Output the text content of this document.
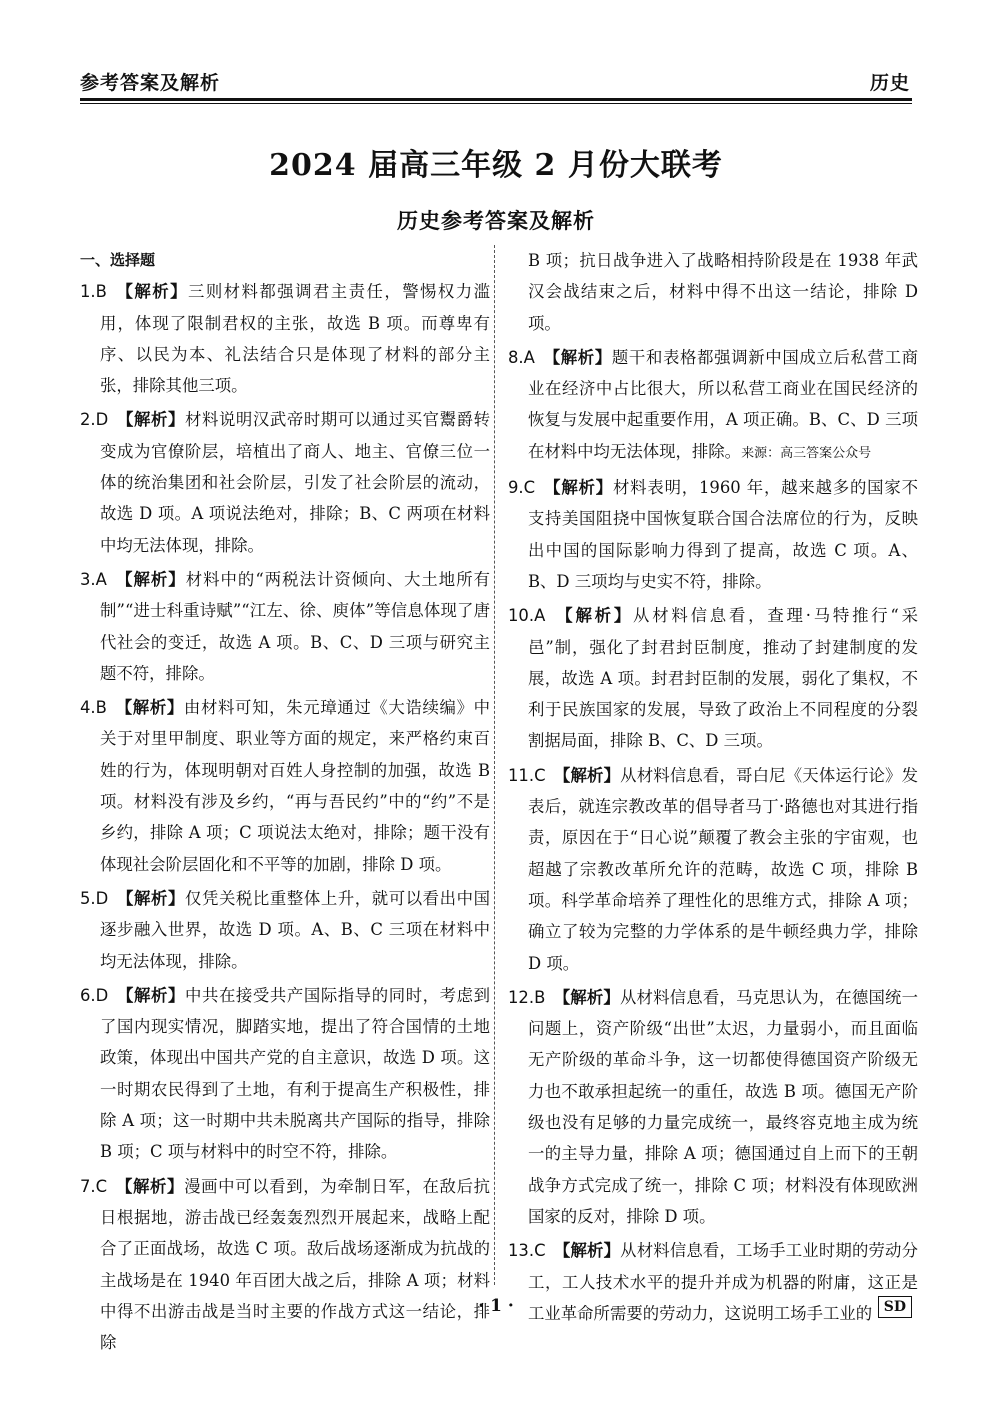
参考答案及解析	历史
2024 届高三年级 2 月份大联考
历史参考答案及解析

一、选择题

1.B  【解析】三则材料都强调君主责任，警惕权力滥用，体现了限制君权的主张，故选 B 项。而尊卑有序、以民为本、礼法结合只是体现了材料的部分主张，排除其他三项。
2.D  【解析】材料说明汉武帝时期可以通过买官鬻爵转变成为官僚阶层，培植出了商人、地主、官僚三位一体的统治集团和社会阶层，引发了社会阶层的流动，故选 D 项。A 项说法绝对，排除；B、C 两项在材料中均无法体现，排除。
3.A  【解析】材料中的“两税法计资倾向、大土地所有制”“进士科重诗赋”“江左、徐、庾体”等信息体现了唐代社会的变迁，故选 A 项。B、C、D 三项与研究主题不符，排除。
4.B  【解析】由材料可知，朱元璋通过《大诰续编》中关于对里甲制度、职业等方面的规定，来严格约束百姓的行为，体现明朝对百姓人身控制的加强，故选 B 项。材料没有涉及乡约，“再与吾民约”中的“约”不是乡约，排除 A 项；C 项说法太绝对，排除；题干没有体现社会阶层固化和不平等的加剧，排除 D 项。
5.D  【解析】仅凭关税比重整体上升，就可以看出中国逐步融入世界，故选 D 项。A、B、C 三项在材料中均无法体现，排除。
6.D  【解析】中共在接受共产国际指导的同时，考虑到了国内现实情况，脚踏实地，提出了符合国情的土地政策，体现出中国共产党的自主意识，故选 D 项。这一时期农民得到了土地，有利于提高生产积极性，排除 A 项；这一时期中共未脱离共产国际的指导，排除 B 项；C 项与材料中的时空不符，排除。
7.C  【解析】漫画中可以看到，为牵制日军，在敌后抗日根据地，游击战已经轰轰烈烈开展起来，战略上配合了正面战场，故选 C 项。敌后战场逐渐成为抗战的主战场是在 1940 年百团大战之后，排除 A 项；材料中得不出游击战是当时主要的作战方式这一结论，排除
B 项；抗日战争进入了战略相持阶段是在 1938 年武汉会战结束之后，材料中得不出这一结论，排除 D 项。
8.A  【解析】题干和表格都强调新中国成立后私营工商业在经济中占比很大，所以私营工商业在国民经济的恢复与发展中起重要作用，A 项正确。B、C、D 三项在材料中均无法体现，排除。来源：高三答案公众号
9.C  【解析】材料表明，1960 年，越来越多的国家不支持美国阻挠中国恢复联合国合法席位的行为，反映出中国的国际影响力得到了提高，故选 C 项。A、B、D 三项均与史实不符，排除。
10.A  【解析】从材料信息看，查理·马特推行“采邑”制，强化了封君封臣制度，推动了封建制度的发展，故选 A 项。封君封臣制的发展，弱化了集权，不利于民族国家的发展，导致了政治上不同程度的分裂割据局面，排除 B、C、D 三项。
11.C  【解析】从材料信息看，哥白尼《天体运行论》发表后，就连宗教改革的倡导者马丁·路德也对其进行指责，原因在于“日心说”颠覆了教会主张的宇宙观，也超越了宗教改革所允许的范畴，故选 C 项，排除 B 项。科学革命培养了理性化的思维方式，排除 A 项；确立了较为完整的力学体系的是牛顿经典力学，排除 D 项。
12.B  【解析】从材料信息看，马克思认为，在德国统一问题上，资产阶级“出世”太迟，力量弱小，而且面临无产阶级的革命斗争，这一切都使得德国资产阶级无力也不敢承担起统一的重任，故选 B 项。德国无产阶级也没有足够的力量完成统一，最终容克地主成为统一的主导力量，排除 A 项；德国通过自上而下的王朝战争方式完成了统一，排除 C 项；材料没有体现欧洲国家的反对，排除 D 项。
13.C  【解析】从材料信息看，工场手工业时期的劳动分工，工人技术水平的提升并成为机器的附庸，这正是工业革命所需要的劳动力，这说明工场手工业的
· 1 ·	SD
